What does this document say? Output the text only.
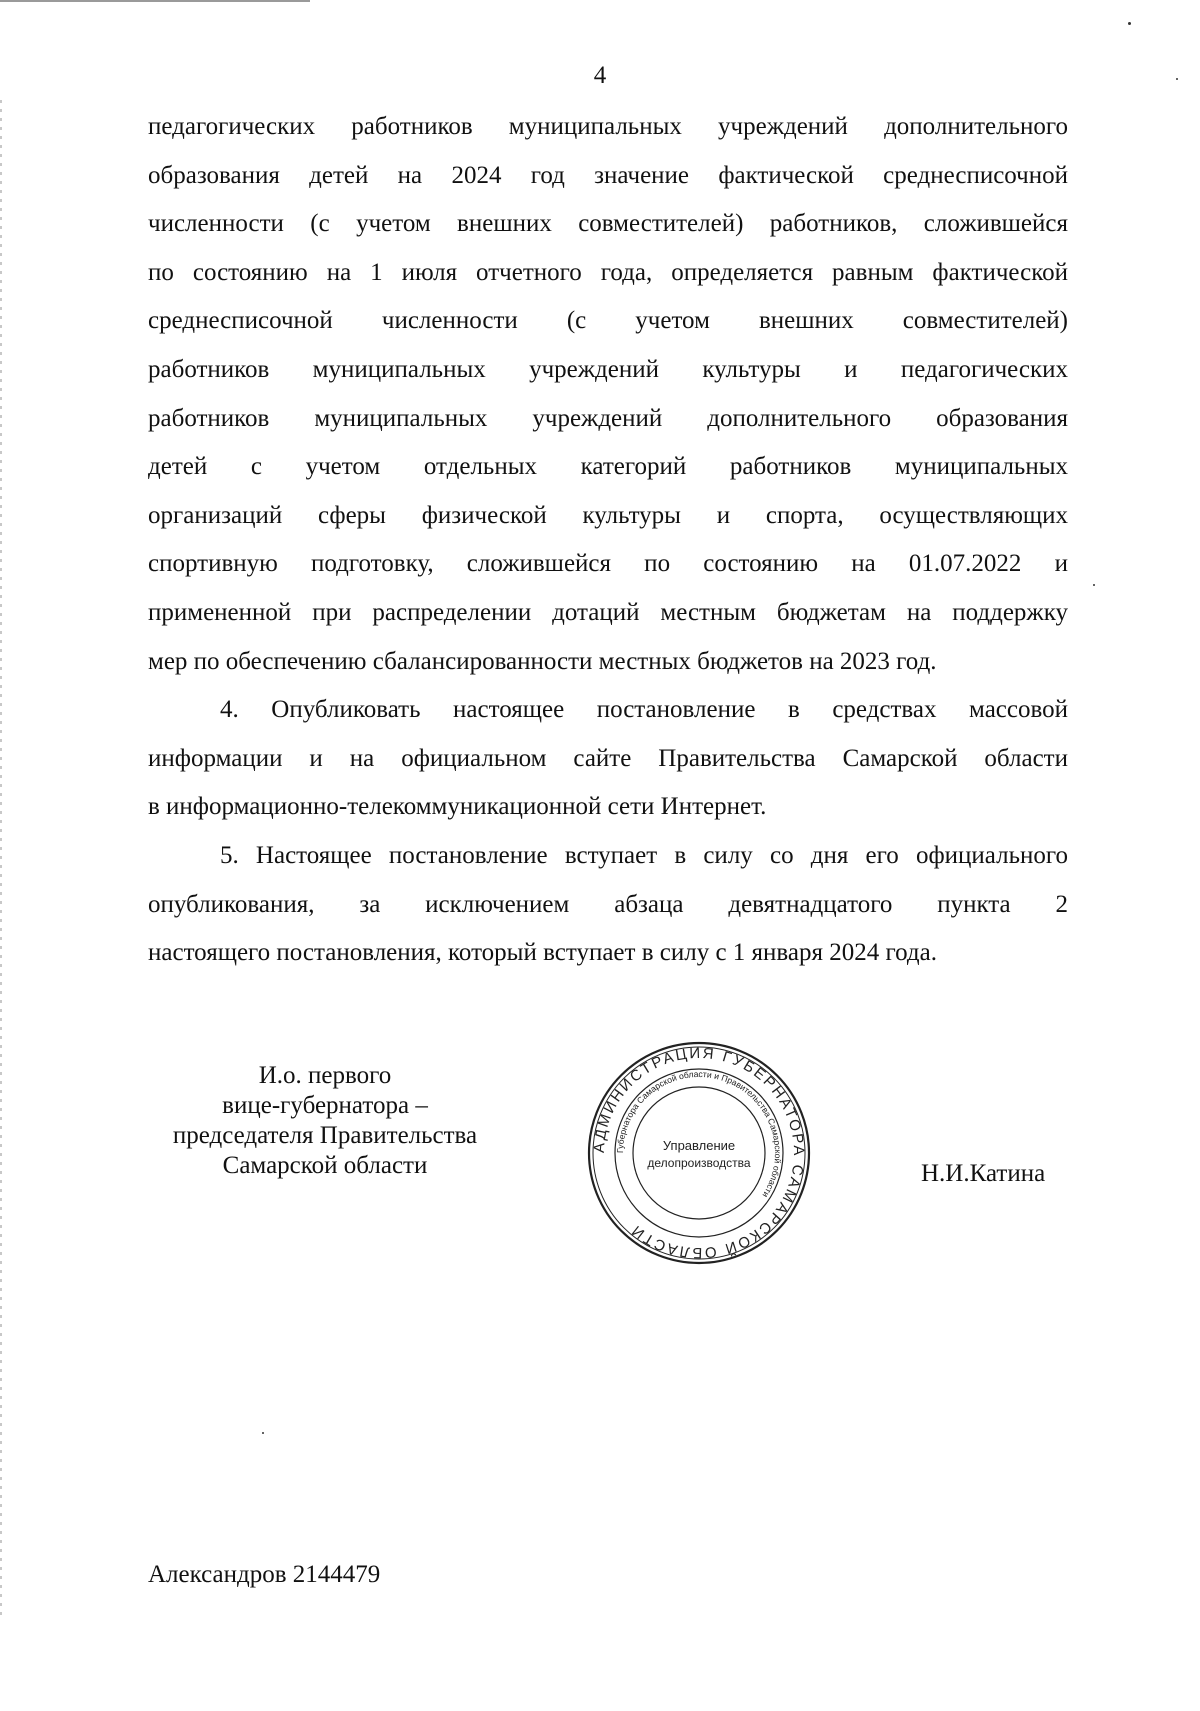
4

педагогических работников муниципальных учреждений дополнительного
образования детей на 2024 год значение фактической среднесписочной
численности (с учетом внешних совместителей) работников, сложившейся
по состоянию на 1 июля отчетного года, определяется равным фактической
среднесписочной численности (с учетом внешних совместителей)
работников муниципальных учреждений культуры и педагогических
работников муниципальных учреждений дополнительного образования
детей с учетом отдельных категорий работников муниципальных
организаций сферы физической культуры и спорта, осуществляющих
спортивную подготовку, сложившейся по состоянию на 01.07.2022 и
примененной при распределении дотаций местным бюджетам на поддержку
мер по обеспечению сбалансированности местных бюджетов на 2023 год.

4. Опубликовать настоящее постановление в средствах массовой
информации и на официальном сайте Правительства Самарской области
в информационно-телекоммуникационной сети Интернет.

5. Настоящее постановление вступает в силу со дня его официального
опубликования, за исключением абзаца девятнадцатого пункта 2
настоящего постановления, который вступает в силу с 1 января 2024 года.

И.о. первого
вице-губернатора –
председателя Правительства
Самарской области
АДМИНИСТРАЦИЯ ГУБЕРНАТОРА САМАРСКОЙ ОБЛАСТИ
Губернатора Самарской области и Правительства Самарской области
Управление
делопроизводства	Н.И.Катина
Александров 2144479
